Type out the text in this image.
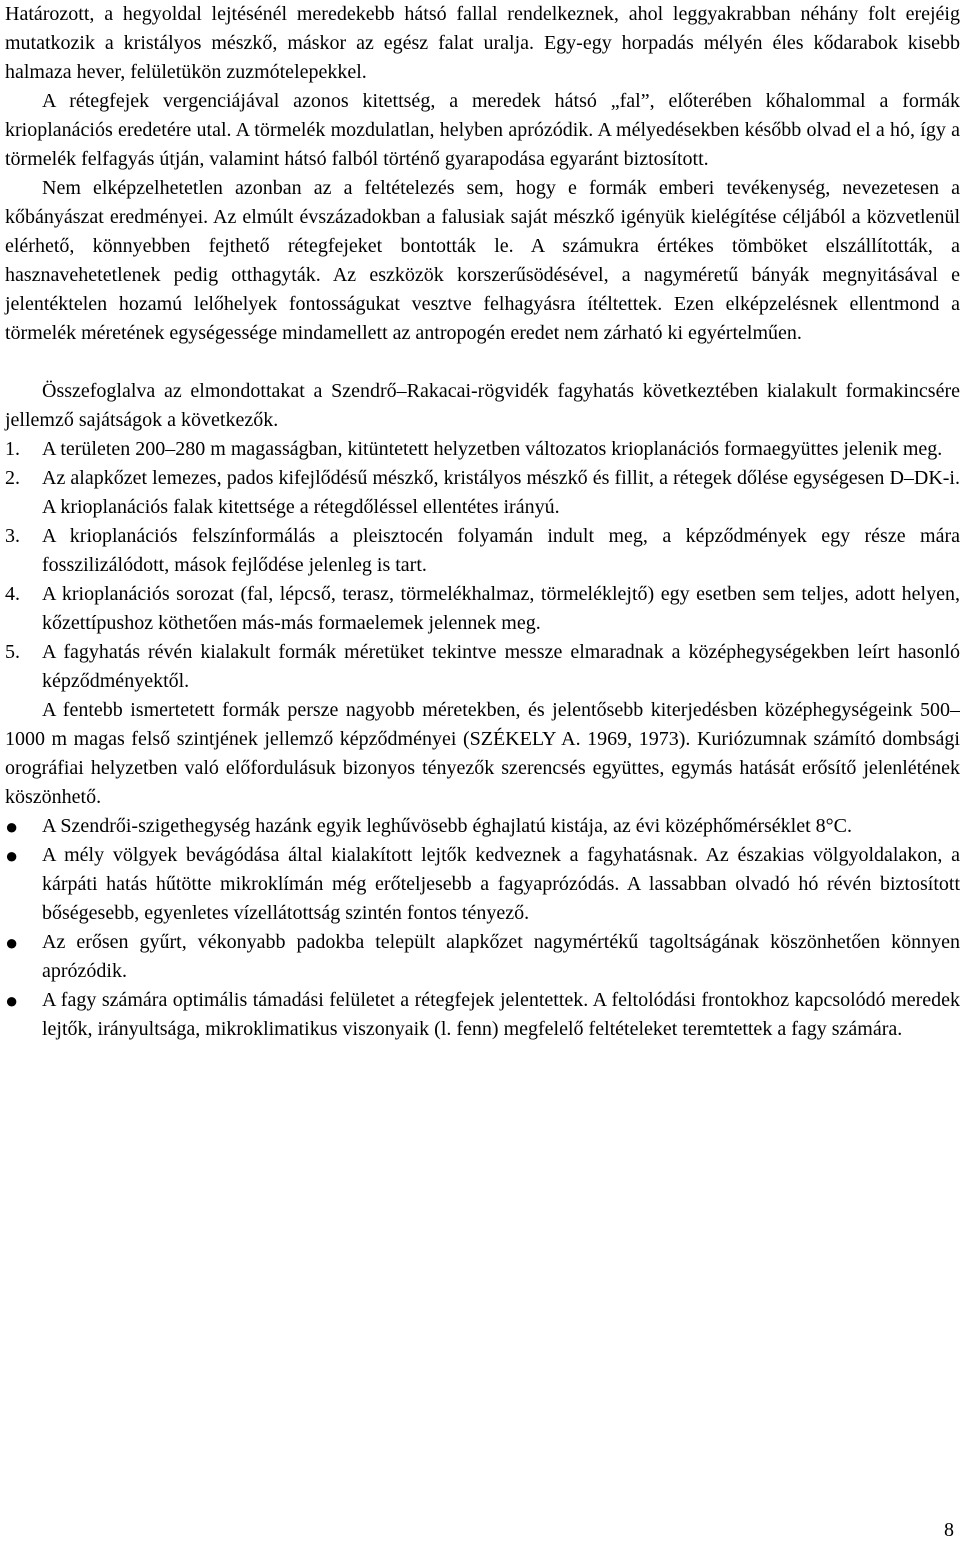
Határozott, a hegyoldal lejtésénél meredekebb hátsó fallal rendelkeznek, ahol leggyakrabban néhány folt erejéig mutatkozik a kristályos mészkő, máskor az egész falat uralja. Egy-egy horpadás mélyén éles kődarabok kisebb halmaza hever, felületükön zuzmótelepekkel.

A rétegfejek vergenciájával azonos kitettség, a meredek hátsó „fal”, előterében kőhalommal a formák krioplanációs eredetére utal. A törmelék mozdulatlan, helyben aprózódik. A mélyedésekben később olvad el a hó, így a törmelék felfagyás útján, valamint hátsó falból történő gyarapodása egyaránt biztosított.

Nem elképzelhetetlen azonban az a feltételezés sem, hogy e formák emberi tevékenység, nevezetesen a kőbányászat eredményei. Az elmúlt évszázadokban a falusiak saját mészkő igényük kielégítése céljából a közvetlenül elérhető, könnyebben fejthető rétegfejeket bontották le. A számukra értékes tömböket elszállították, a hasznavehetetlenek pedig otthagyták. Az eszközök korszerűsödésével, a nagyméretű bányák megnyitásával e jelentéktelen hozamú lelőhelyek fontosságukat vesztve felhagyásra ítéltettek. Ezen elképzelésnek ellentmond a törmelék méretének egységessége mindamellett az antropogén eredet nem zárható ki egyértelműen.

Összefoglalva az elmondottakat a Szendrő–Rakacai-rögvidék fagyhatás következtében kialakult formakincsére jellemző sajátságok a következők.

1.	A területen 200–280 m magasságban, kitüntetett helyzetben változatos krioplanációs formaegyüttes jelenik meg.
2.	Az alapkőzet lemezes, pados kifejlődésű mészkő, kristályos mészkő és fillit, a rétegek dőlése egységesen D–DK-i. A krioplanációs falak kitettsége a rétegdőléssel ellentétes irányú.
3.	A krioplanációs felszínformálás a pleisztocén folyamán indult meg, a képződmények egy része mára fosszilizálódott, mások fejlődése jelenleg is tart.
4.	A krioplanációs sorozat (fal, lépcső, terasz, törmelékhalmaz, törmeléklejtő) egy esetben sem teljes, adott helyen, kőzettípushoz köthetően más-más formaelemek jelennek meg.
5.	A fagyhatás révén kialakult formák méretüket tekintve messze elmaradnak a középhegységekben leírt hasonló képződményektől.

A fentebb ismertetett formák persze nagyobb méretekben, és jelentősebb kiterjedésben középhegységeink 500–1000 m magas felső szintjének jellemző képződményei (SZÉKELY A. 1969, 1973). Kuriózumnak számító dombsági orográfiai helyzetben való előfordulásuk bizonyos tényezők szerencsés együttes, egymás hatását erősítő jelenlétének köszönhető.

●	A Szendrői-szigethegység hazánk egyik leghűvösebb éghajlatú kistája, az évi középhőmérséklet 8°C.
●	A mély völgyek bevágódása által kialakított lejtők kedveznek a fagyhatásnak. Az északias völgyoldalakon, a kárpáti hatás hűtötte mikroklímán még erőteljesebb a fagyaprózódás. A lassabban olvadó hó révén biztosított bőségesebb, egyenletes vízellátottság szintén fontos tényező.
●	Az erősen gyűrt, vékonyabb padokba települt alapkőzet nagymértékű tagoltságának köszönhetően könnyen aprózódik.
●	A fagy számára optimális támadási felületet a rétegfejek jelentettek. A feltolódási frontokhoz kapcsolódó meredek lejtők, irányultsága, mikroklimatikus viszonyaik (l. fenn) megfelelő feltételeket teremtettek a fagy számára.
8
